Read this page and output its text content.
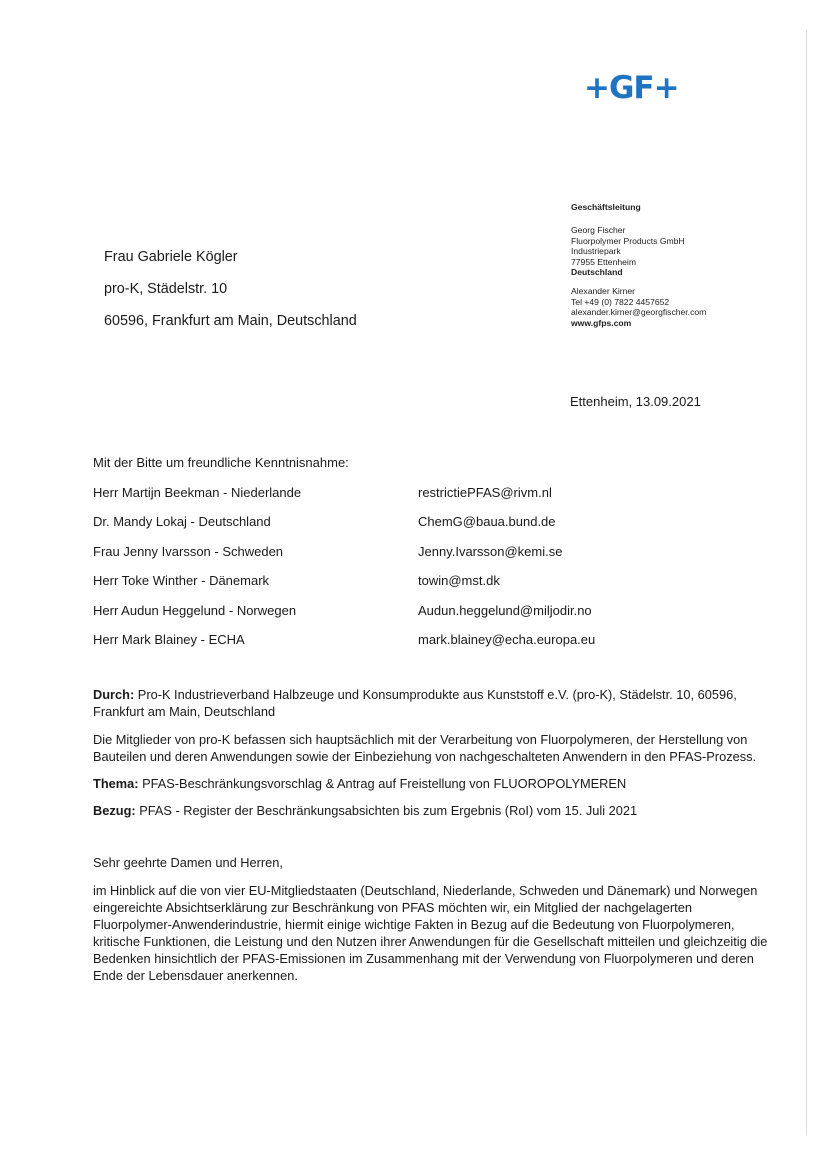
+GF+
Geschäftsleitung
Georg Fischer
Fluorpolymer Products GmbH
Industriepark
77955 Ettenheim
Deutschland
Alexander Kirner
Tel +49 (0) 7822 4457652
alexander.kirner@georgfischer.com
www.gfps.com
Frau Gabriele Kögler
pro-K, Städelstr. 10
60596, Frankfurt am Main, Deutschland
Ettenheim, 13.09.2021
Mit der Bitte um freundliche Kenntnisnahme:
Herr Martijn Beekman - Niederlande	restrictiePFAS@rivm.nl
Dr. Mandy Lokaj - Deutschland	ChemG@baua.bund.de
Frau Jenny Ivarsson - Schweden	Jenny.Ivarsson@kemi.se
Herr Toke Winther - Dänemark	towin@mst.dk
Herr Audun Heggelund - Norwegen	Audun.heggelund@miljodir.no
Herr Mark Blainey - ECHA	mark.blainey@echa.europa.eu

Durch: Pro-K Industrieverband Halbzeuge und Konsumprodukte aus Kunststoff e.V. (pro-K), Städelstr. 10, 60596, Frankfurt am Main, Deutschland

Die Mitglieder von pro-K befassen sich hauptsächlich mit der Verarbeitung von Fluorpolymeren, der Herstellung von Bauteilen und deren Anwendungen sowie der Einbeziehung von nachgeschalteten Anwendern in den PFAS-Prozess.

Thema: PFAS-Beschränkungsvorschlag & Antrag auf Freistellung von FLUOROPOLYMEREN

Bezug: PFAS - Register der Beschränkungsabsichten bis zum Ergebnis (RoI) vom 15. Juli 2021

Sehr geehrte Damen und Herren,

im Hinblick auf die von vier EU-Mitgliedstaaten (Deutschland, Niederlande, Schweden und Dänemark) und Norwegen eingereichte Absichtserklärung zur Beschränkung von PFAS möchten wir, ein Mitglied der nachgelagerten Fluorpolymer-Anwenderindustrie, hiermit einige wichtige Fakten in Bezug auf die Bedeutung von Fluorpolymeren, kritische Funktionen, die Leistung und den Nutzen ihrer Anwendungen für die Gesellschaft mitteilen und gleichzeitig die Bedenken hinsichtlich der PFAS-Emissionen im Zusammenhang mit der Verwendung von Fluorpolymeren und deren Ende der Lebensdauer anerkennen.
